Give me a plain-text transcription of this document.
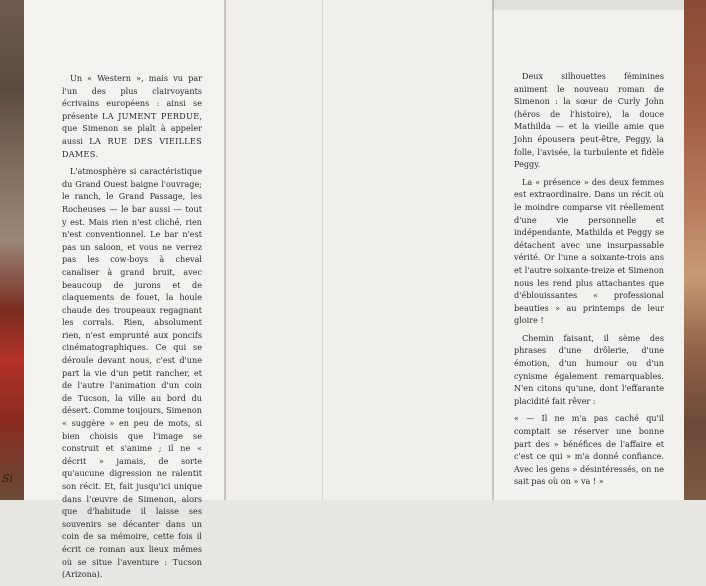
Un « Western », mais vu par l'un des plus clairvoyants écrivains européens : ainsi se présente LA JUMENT PERDUE, que Simenon se plaît à appeler aussi LA RUE DES VIEILLES DAMES.

L'atmosphère si caractéristique du Grand Ouest baigne l'ouvrage; le ranch, le Grand Passage, les Rocheuses — le bar aussi — tout y est. Mais rien n'est cliché, rien n'est conventionnel. Le bar n'est pas un saloon, et vous ne verrez pas les cow-boys à cheval canaliser à grand bruit, avec beaucoup de jurons et de claquements de fouet, la houle chaude des troupeaux regagnant les corrals. Rien, absolument rien, n'est emprunté aux poncifs cinématographiques. Ce qui se déroule devant nous, c'est d'une part la vie d'un petit rancher, et de l'autre l'animation d'un coin de Tucson, la ville au bord du désert. Comme toujours, Simenon « suggère » en peu de mots, si bien choisis que l'image se construit et s'anime ; il ne « décrit » jamais, de sorte qu'aucune digression ne ralentit son récit. Et, fait jusqu'ici unique dans l'œuvre de Simenon, alors que d'habitude il laisse ses souvenirs se décanter dans un coin de sa mémoire, cette fois il écrit ce roman aux lieux mêmes où se situe l'aventure : Tucson (Arizona).

Deux silhouettes féminines animent le nouveau roman de Simenon : la sœur de Curly John (héros de l'histoire), la douce Mathilda — et la vieille amie que John épousera peut-être, Peggy, la folle, l'avisée, la turbulente et fidèle Peggy.

La « présence » des deux femmes est extraordinaire. Dans un récit où le moindre comparse vit réellement d'une vie personnelle et indépendante, Mathilda et Peggy se détachent avec une insurpassable vérité. Or l'une a soixante-trois ans et l'autre soixante-treize et Simenon nous les rend plus attachantes que d'éblouissantes « professional beauties » au printemps de leur gloire !

Chemin faisant, il sème des phrases d'une drôlerie, d'une émotion, d'un humour ou d'un cynisme également remarquables. N'en citons qu'une, dont l'effarante placidité fait rêver :

« — Il ne m'a pas caché qu'il comptait se réserver une bonne part des » bénéfices de l'affaire et c'est ce qui » m'a donné confiance. Avec les gens » désintéressés, on ne sait pas où on » va ! »

Si
